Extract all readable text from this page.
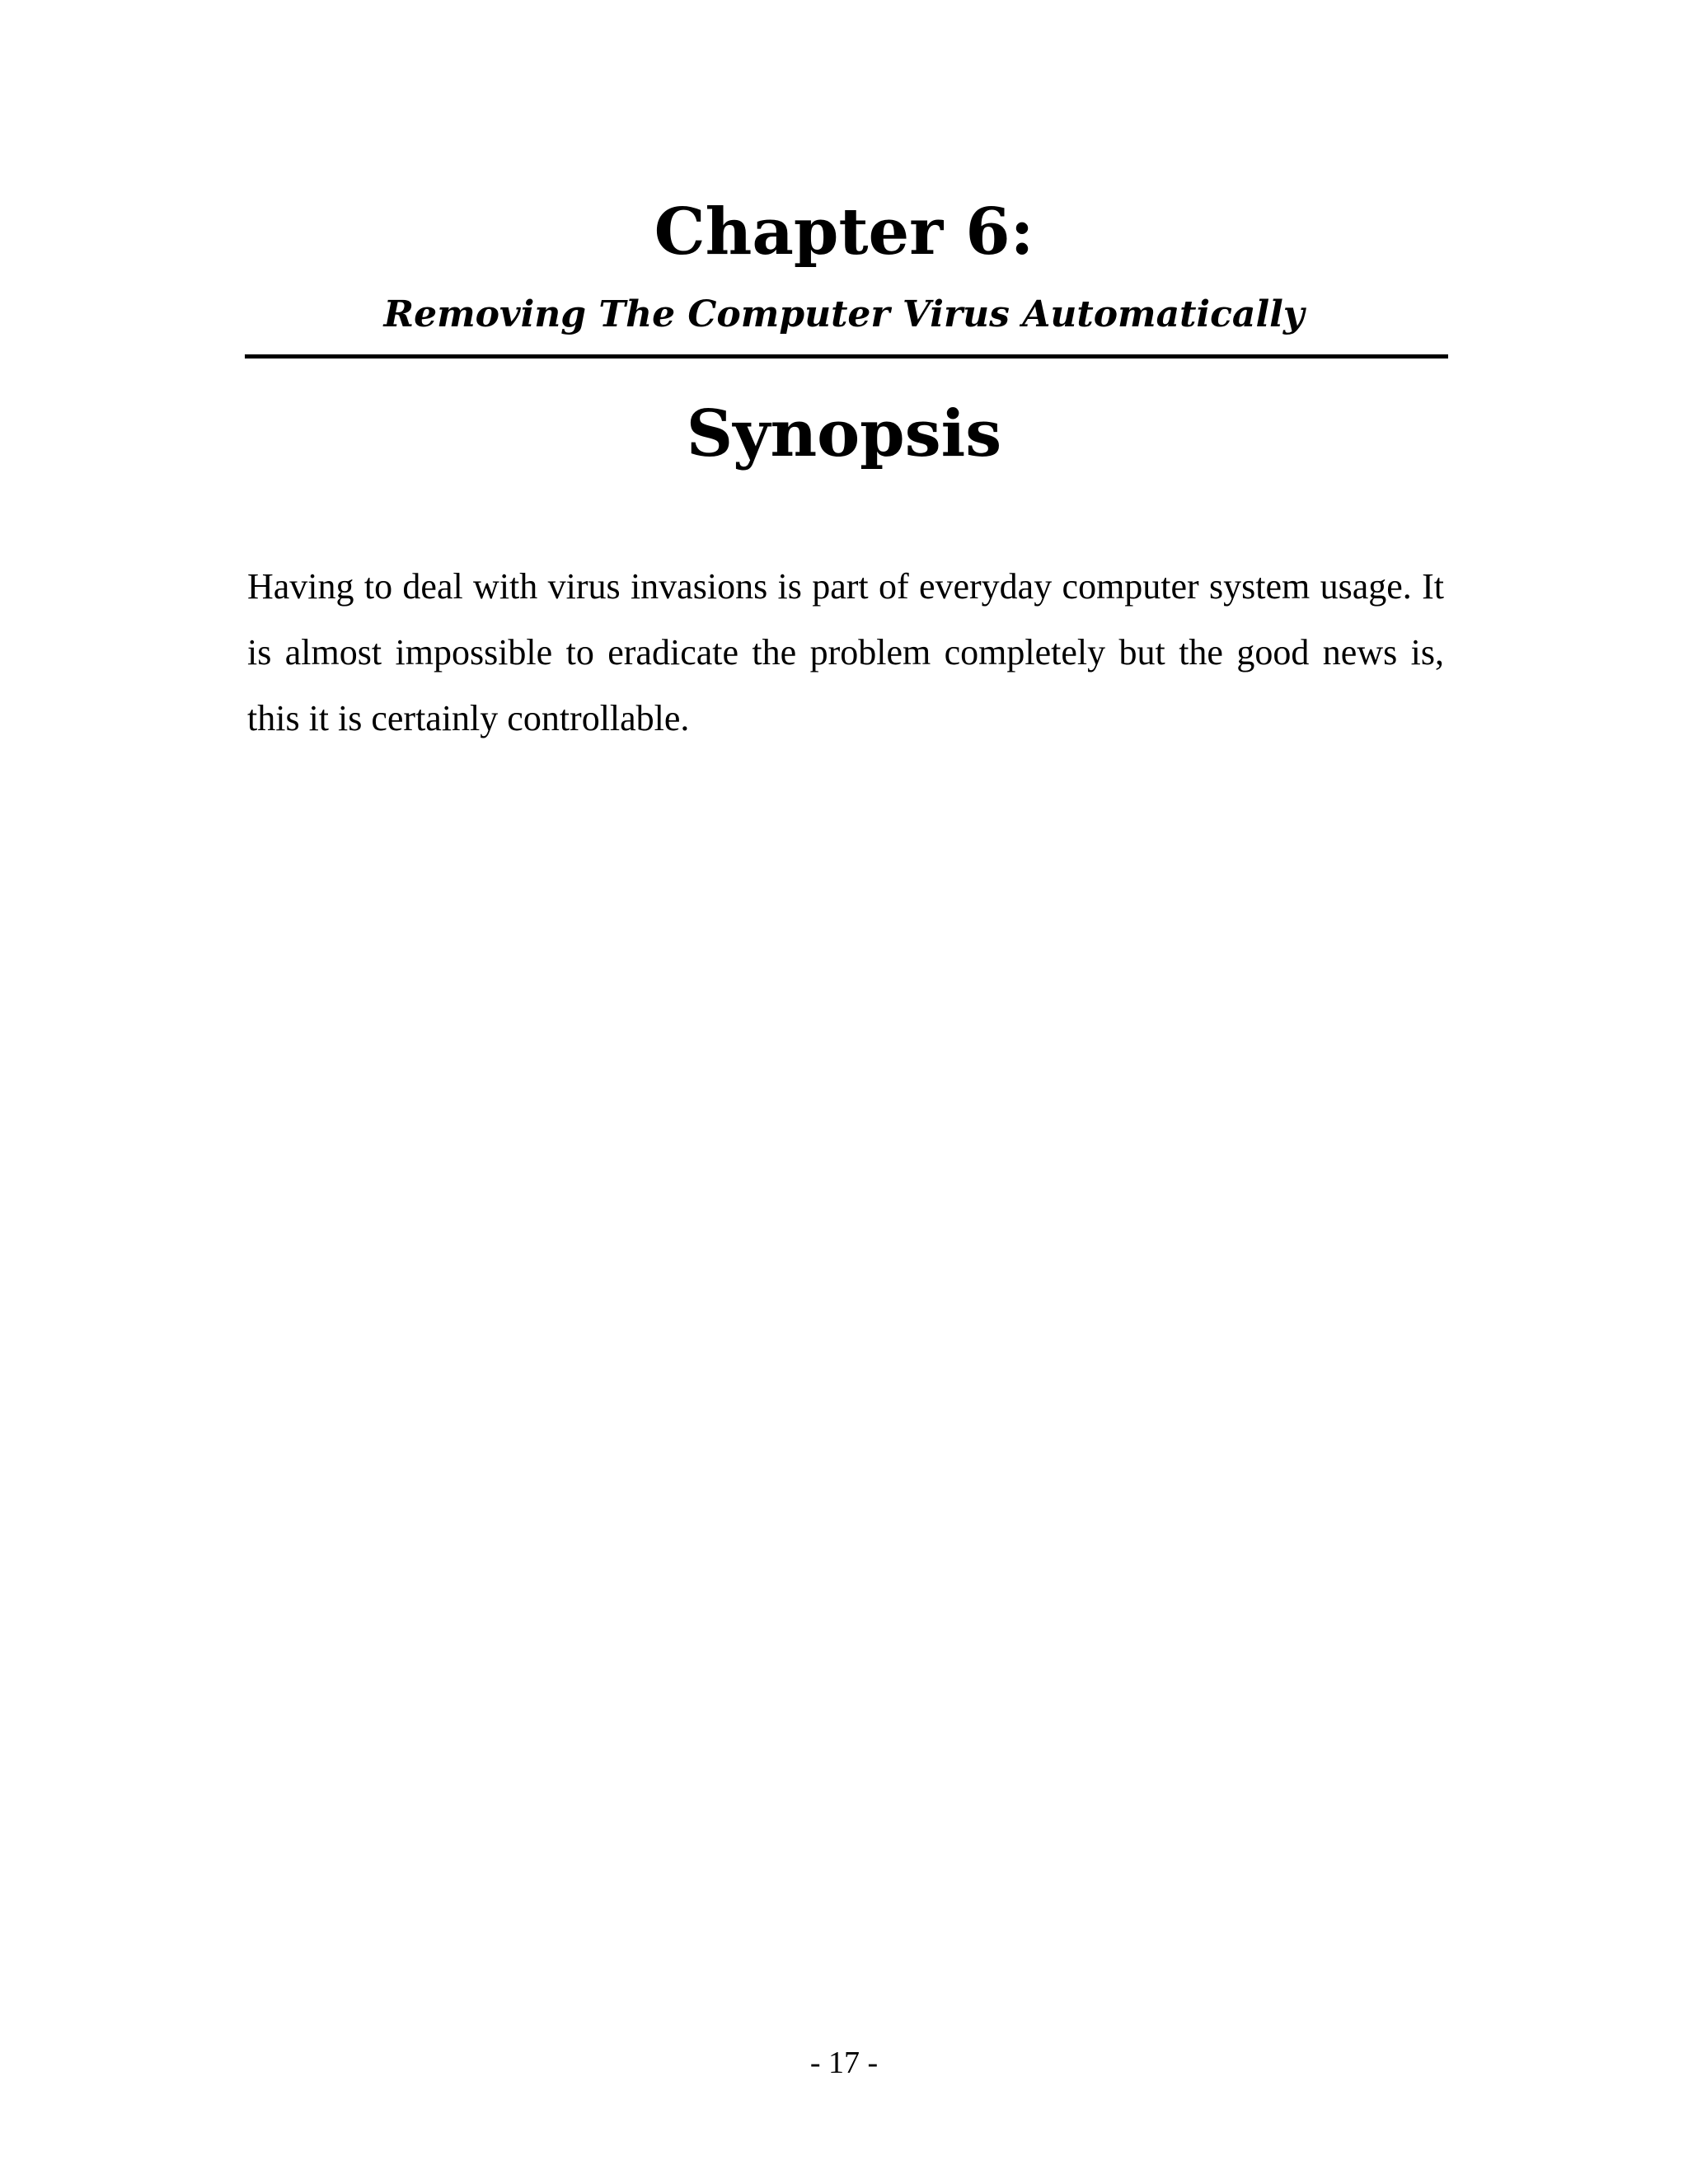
Chapter 6:
Removing The Computer Virus Automatically
Synopsis

Having to deal with virus invasions is part of everyday computer system usage. It is almost impossible to eradicate the problem completely but the good news is, this it is certainly controllable.

- 17 -
